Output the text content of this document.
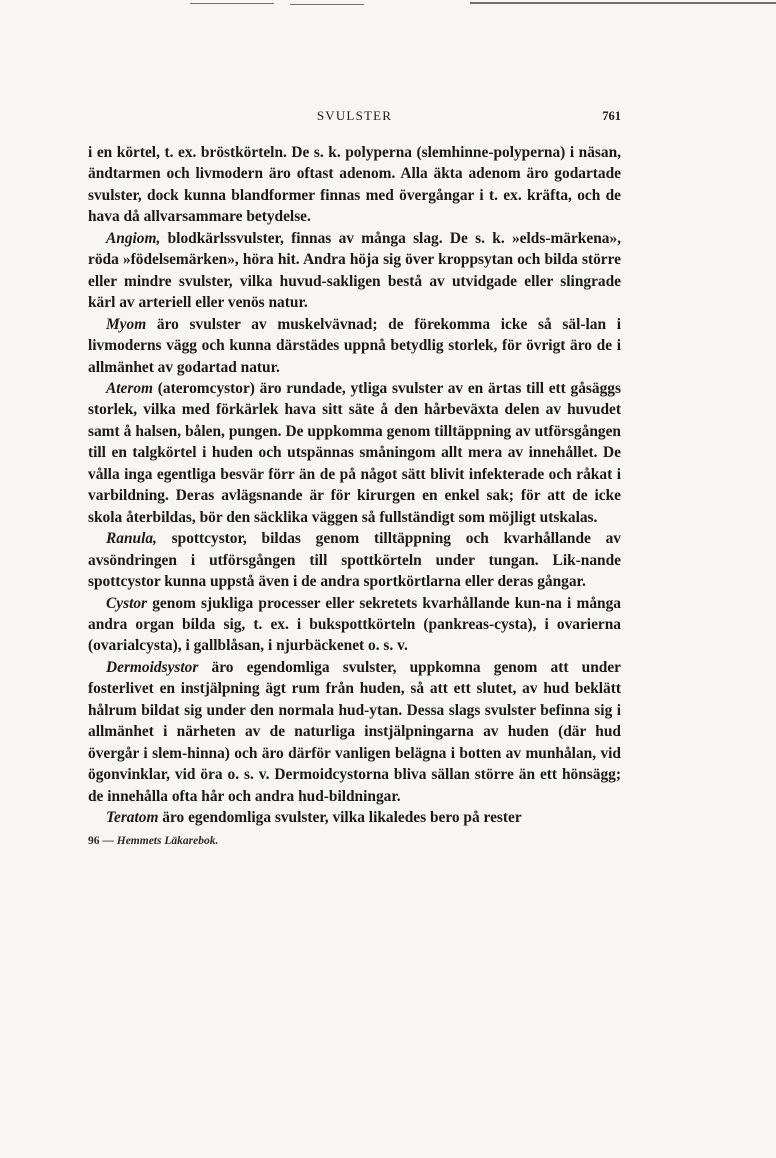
SVULSTER	761

i en körtel, t. ex. bröstkörteln. De s. k. polyperna (slemhinne-polyperna) i näsan, ändtarmen och livmodern äro oftast adenom. Alla äkta adenom äro godartade svulster, dock kunna blandformer finnas med övergångar i t. ex. kräfta, och de hava då allvarsammare betydelse.

Angiom, blodkärlssvulster, finnas av många slag. De s. k. »elds-märkena», röda »födelsemärken», höra hit. Andra höja sig över kroppsytan och bilda större eller mindre svulster, vilka huvud-sakligen bestå av utvidgade eller slingrade kärl av arteriell eller venös natur.

Myom äro svulster av muskelvävnad; de förekomma icke så säl-lan i livmoderns vägg och kunna därstädes uppnå betydlig storlek, för övrigt äro de i allmänhet av godartad natur.

Aterom (ateromcystor) äro rundade, ytliga svulster av en ärtas till ett gåsäggs storlek, vilka med förkärlek hava sitt säte å den hårbeväxta delen av huvudet samt å halsen, bålen, pungen. De uppkomma genom tilltäppning av utförsgången till en talgkörtel i huden och utspännas småningom allt mera av innehållet. De vålla inga egentliga besvär förr än de på något sätt blivit infekterade och råkat i varbildning. Deras avlägsnande är för kirurgen en enkel sak; för att de icke skola återbildas, bör den säcklika väggen så fullständigt som möjligt utskalas.

Ranula, spottcystor, bildas genom tilltäppning och kvarhållande av avsöndringen i utförsgången till spottkörteln under tungan. Lik-nande spottcystor kunna uppstå även i de andra sportkörtlarna eller deras gångar.

Cystor genom sjukliga processer eller sekretets kvarhållande kun-na i många andra organ bilda sig, t. ex. i bukspottkörteln (pankreas-cysta), i ovarierna (ovarialcysta), i gallblåsan, i njurbäckenet o. s. v.

Dermoidsystor äro egendomliga svulster, uppkomna genom att under fosterlivet en instjälpning ägt rum från huden, så att ett slutet, av hud beklätt hålrum bildat sig under den normala hud-ytan. Dessa slags svulster befinna sig i allmänhet i närheten av de naturliga instjälpningarna av huden (där hud övergår i slem-hinna) och äro därför vanligen belägna i botten av munhålan, vid ögonvinklar, vid öra o. s. v. Dermoidcystorna bliva sällan större än ett hönsägg; de innehålla ofta hår och andra hud-bildningar.

Teratom äro egendomliga svulster, vilka likaledes bero på rester

96 — Hemmets Läkarebok.
